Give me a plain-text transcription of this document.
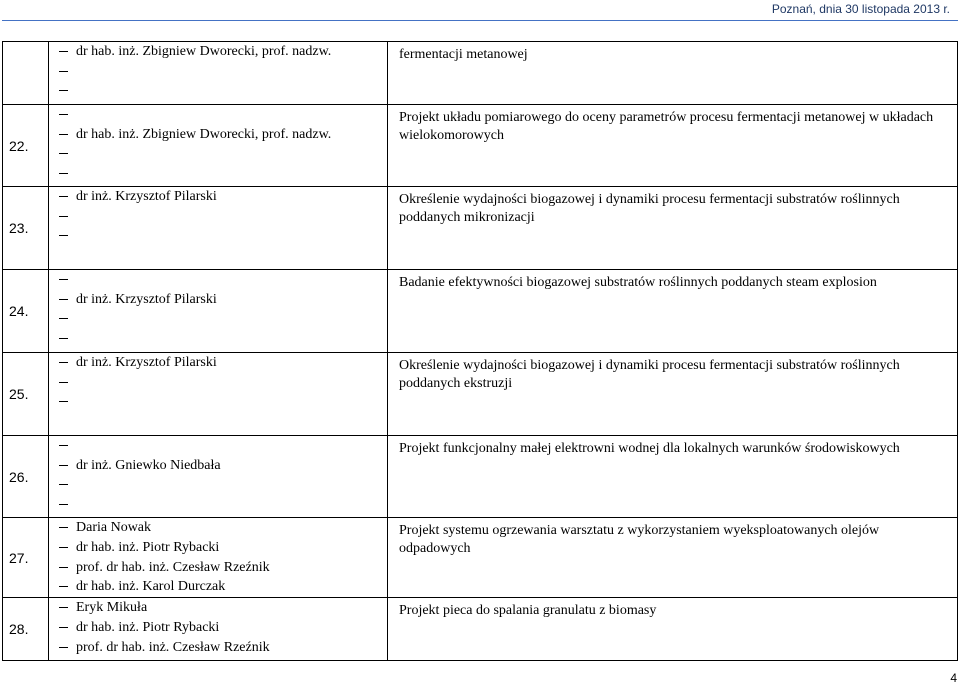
Poznań, dnia 30 listopada 2013 r.

	dr hab. inż. Zbigniew Dworecki, prof. nadzw.	fermentacji metanowej

22.	dr hab. inż. Zbigniew Dworecki, prof. nadzw.	Projekt układu pomiarowego do oceny parametrów procesu fermentacji metanowej w układach wielokomorowych

23.	dr inż. Krzysztof Pilarski	Określenie wydajności biogazowej i dynamiki procesu fermentacji substratów roślinnych poddanych mikronizacji

24.	dr inż. Krzysztof Pilarski	Badanie efektywności biogazowej substratów roślinnych poddanych steam explosion

25.	dr inż. Krzysztof Pilarski	Określenie wydajności biogazowej i dynamiki procesu fermentacji substratów roślinnych poddanych ekstruzji

26.	dr inż. Gniewko Niedbała	Projekt funkcjonalny małej elektrowni wodnej dla lokalnych warunków środowiskowych

27.	Daria Nowak
dr hab. inż. Piotr Rybacki
prof. dr hab. inż. Czesław Rzeźnik
dr hab. inż. Karol Durczak	Projekt systemu ogrzewania warsztatu z wykorzystaniem wyeksploatowanych olejów odpadowych

28.	Eryk Mikuła
dr hab. inż. Piotr Rybacki
prof. dr hab. inż. Czesław Rzeźnik	Projekt pieca do spalania granulatu z biomasy
4
